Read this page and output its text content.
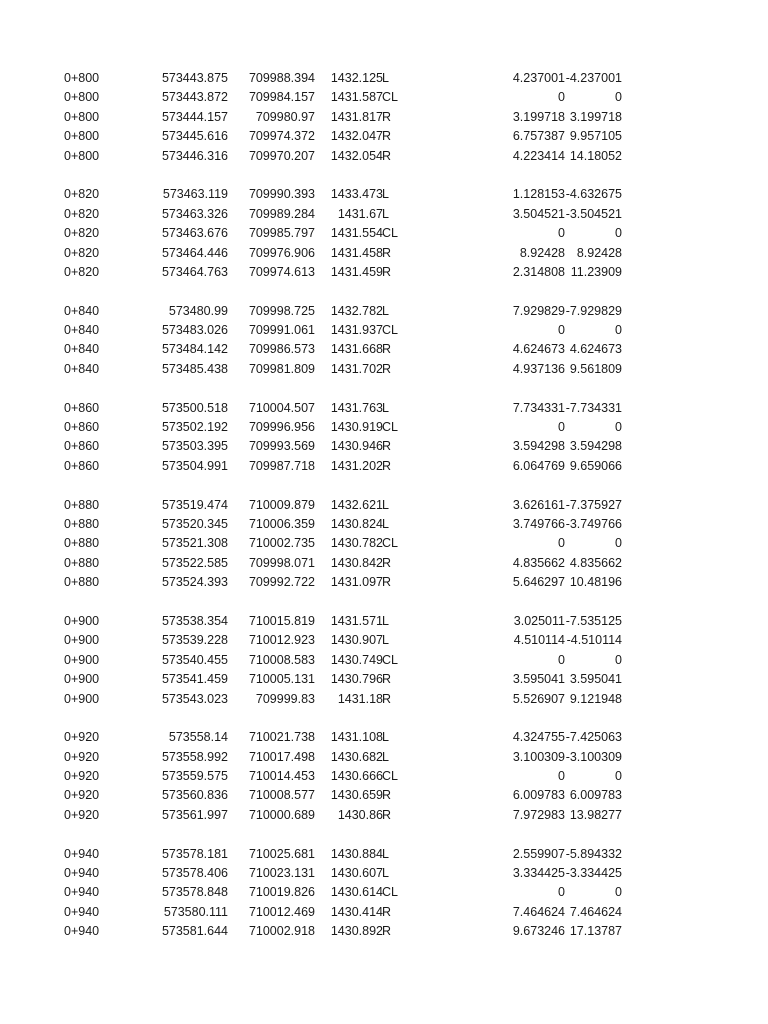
0+800	573443.875 709988.394 1432.125 L	4.237001 -4.237001
0+800	573443.872 709984.157 1431.587 CL	0	0
0+800	573444.157 709980.97 1431.817 R	3.199718 3.199718
0+800	573445.616 709974.372 1432.047 R	6.757387 9.957105
0+800	573446.316 709970.207 1432.054 R	4.223414 14.18052
0+820	573463.119 709990.393 1433.473 L	1.128153 -4.632675
0+820	573463.326 709989.284 1431.67 L	3.504521 -3.504521
0+820	573463.676 709985.797 1431.554 CL	0	0
0+820	573464.446 709976.906 1431.458 R	8.92428 8.92428
0+820	573464.763 709974.613 1431.459 R	2.314808 11.23909
0+840	573480.99 709998.725 1432.782 L	7.929829 -7.929829
0+840	573483.026 709991.061 1431.937 CL	0	0
0+840	573484.142 709986.573 1431.668 R	4.624673 4.624673
0+840	573485.438 709981.809 1431.702 R	4.937136 9.561809
0+860	573500.518 710004.507 1431.763 L	7.734331 -7.734331
0+860	573502.192 709996.956 1430.919 CL	0	0
0+860	573503.395 709993.569 1430.946 R	3.594298 3.594298
0+860	573504.991 709987.718 1431.202 R	6.064769 9.659066
0+880	573519.474 710009.879 1432.621 L	3.626161 -7.375927
0+880	573520.345 710006.359 1430.824 L	3.749766 -3.749766
0+880	573521.308 710002.735 1430.782 CL	0	0
0+880	573522.585 709998.071 1430.842 R	4.835662 4.835662
0+880	573524.393 709992.722 1431.097 R	5.646297 10.48196
0+900	573538.354 710015.819 1431.571 L	3.025011 -7.535125
0+900	573539.228 710012.923 1430.907 L	4.510114 -4.510114
0+900	573540.455 710008.583 1430.749 CL	0	0
0+900	573541.459 710005.131 1430.796 R	3.595041 3.595041
0+900	573543.023 709999.83 1431.18 R	5.526907 9.121948
0+920	573558.14 710021.738 1431.108 L	4.324755 -7.425063
0+920	573558.992 710017.498 1430.682 L	3.100309 -3.100309
0+920	573559.575 710014.453 1430.666 CL	0	0
0+920	573560.836 710008.577 1430.659 R	6.009783 6.009783
0+920	573561.997 710000.689 1430.86 R	7.972983 13.98277
0+940	573578.181 710025.681 1430.884 L	2.559907 -5.894332
0+940	573578.406 710023.131 1430.607 L	3.334425 -3.334425
0+940	573578.848 710019.826 1430.614 CL	0	0
0+940	573580.111 710012.469 1430.414 R	7.464624 7.464624
0+940	573581.644 710002.918 1430.892 R	9.673246 17.13787
